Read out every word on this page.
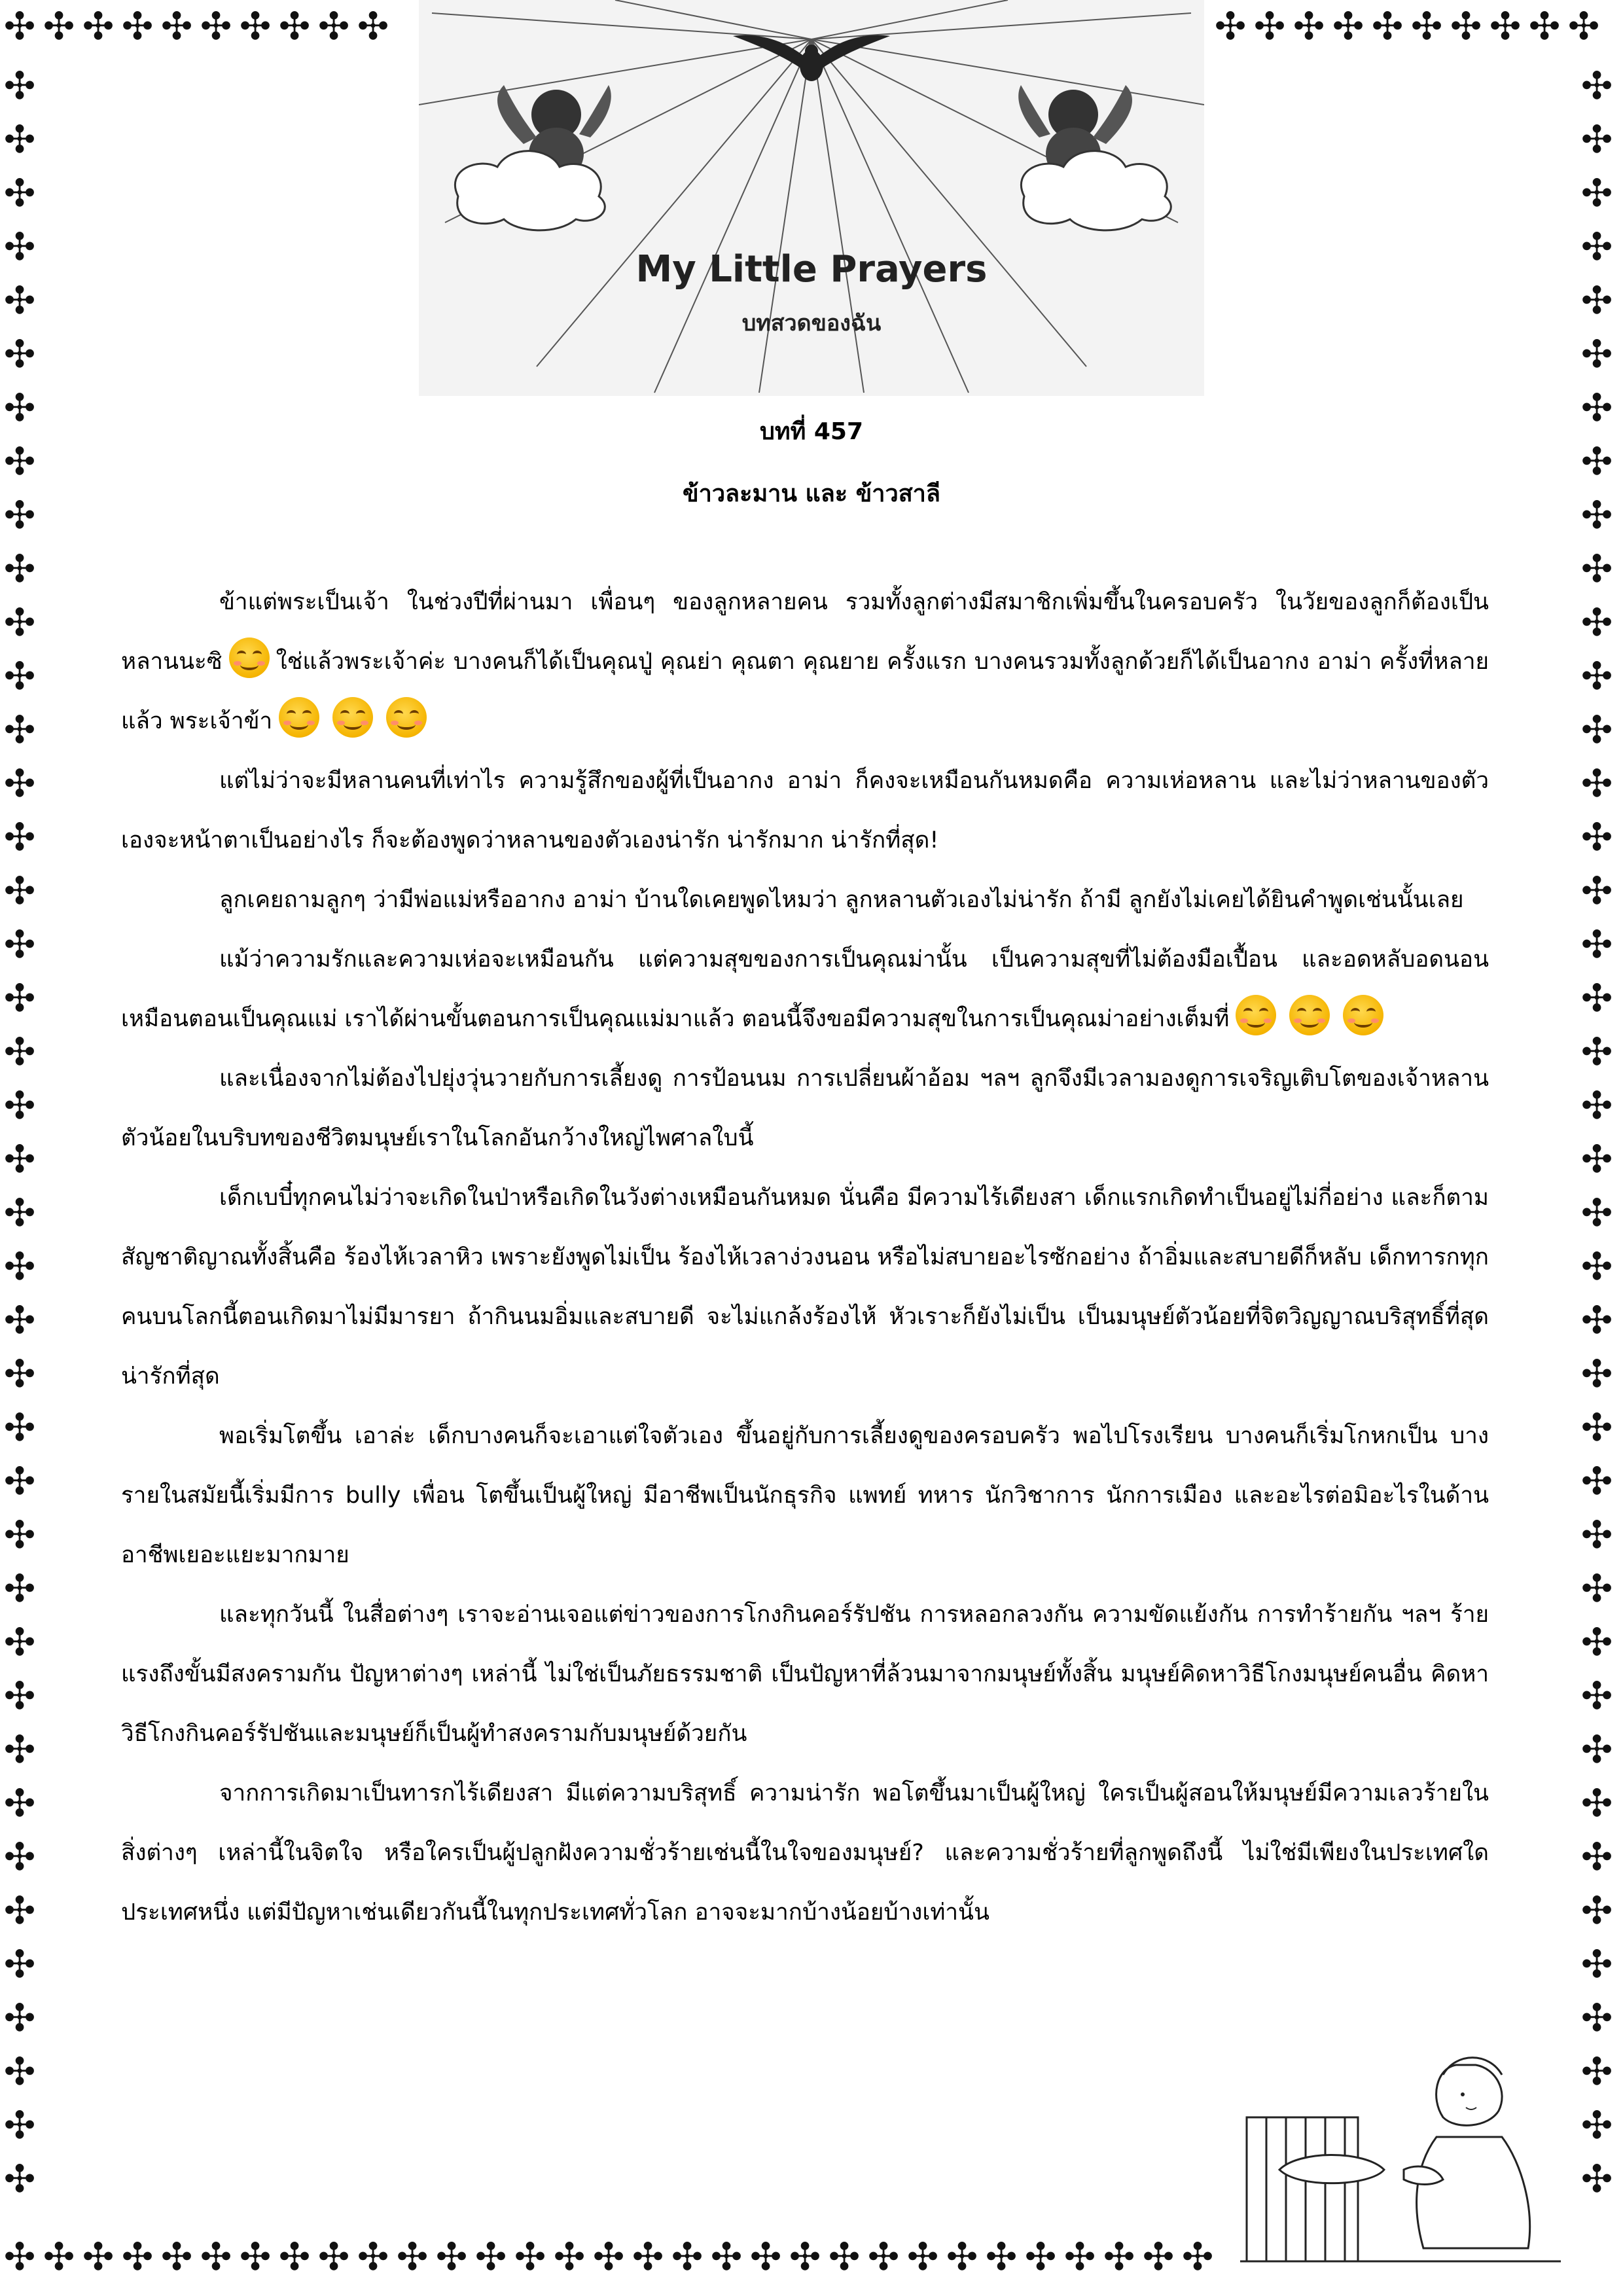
✣ ✣ ✣ ✣ ✣ ✣ ✣ ✣ ✣ ✣	✣ ✣ ✣ ✣ ✣ ✣ ✣ ✣ ✣ ✣
✣ ✣ ✣ ✣ ✣ ✣ ✣ ✣ ✣ ✣ ✣ ✣ ✣ ✣ ✣ ✣ ✣ ✣ ✣ ✣ ✣ ✣ ✣ ✣ ✣ ✣ ✣ ✣ ✣ ✣ ✣
✣
✣
✣
✣
✣
✣
✣
✣
✣
✣
✣
✣
✣
✣
✣
✣
✣
✣
✣
✣
✣
✣
✣
✣
✣
✣
✣
✣
✣
✣
✣
✣
✣
✣
✣
✣
✣
✣
✣
✣
✣
✣
✣
✣
✣
✣
✣
✣
✣
✣
✣
✣
✣
✣
✣
✣
✣
✣
✣
✣
✣
✣
✣
✣
✣
✣
✣
✣
✣
✣
✣
✣
✣
✣
✣
✣
✣
✣
✣
✣
My Little Prayers
บทสวดของฉัน
บทที่ 457
ข้าวละมาน และ ข้าวสาลี

ข้าแต่พระเป็นเจ้า ในช่วงปีที่ผ่านมา เพื่อนๆ ของลูกหลายคน รวมทั้งลูกต่างมีสมาชิกเพิ่มขึ้นในครอบครัว ในวัยของลูกก็ต้องเป็นหลานนะซิ ใช่แล้วพระเจ้าค่ะ บางคนก็ได้เป็นคุณปู่ คุณย่า คุณตา คุณยาย ครั้งแรก บางคนรวมทั้งลูกด้วยก็ได้เป็นอากง อาม่า ครั้งที่หลายแล้ว พระเจ้าข้า

แต่ไม่ว่าจะมีหลานคนที่เท่าไร ความรู้สึกของผู้ที่เป็นอากง อาม่า ก็คงจะเหมือนกันหมดคือ ความเห่อหลาน และไม่ว่าหลานของตัวเองจะหน้าตาเป็นอย่างไร ก็จะต้องพูดว่าหลานของตัวเองน่ารัก น่ารักมาก น่ารักที่สุด!

ลูกเคยถามลูกๆ ว่ามีพ่อแม่หรืออากง อาม่า บ้านใดเคยพูดไหมว่า ลูกหลานตัวเองไม่น่ารัก ถ้ามี ลูกยังไม่เคยได้ยินคำพูดเช่นนั้นเลย

แม้ว่าความรักและความเห่อจะเหมือนกัน แต่ความสุขของการเป็นคุณม่านั้น เป็นความสุขที่ไม่ต้องมือเปื้อน และอดหลับอดนอนเหมือนตอนเป็นคุณแม่ เราได้ผ่านขั้นตอนการเป็นคุณแม่มาแล้ว ตอนนี้จึงขอมีความสุขในการเป็นคุณม่าอย่างเต็มที่

และเนื่องจากไม่ต้องไปยุ่งวุ่นวายกับการเลี้ยงดู การป้อนนม การเปลี่ยนผ้าอ้อม ฯลฯ ลูกจึงมีเวลามองดูการเจริญเติบโตของเจ้าหลานตัวน้อยในบริบทของชีวิตมนุษย์เราในโลกอันกว้างใหญ่ไพศาลใบนี้

เด็กเบบี๋ทุกคนไม่ว่าจะเกิดในป่าหรือเกิดในวังต่างเหมือนกันหมด นั่นคือ มีความไร้เดียงสา เด็กแรกเกิดทำเป็นอยู่ไม่กี่อย่าง และก็ตามสัญชาติญาณทั้งสิ้นคือ ร้องไห้เวลาหิว เพราะยังพูดไม่เป็น ร้องไห้เวลาง่วงนอน หรือไม่สบายอะไรซักอย่าง ถ้าอิ่มและสบายดีก็หลับ เด็กทารกทุกคนบนโลกนี้ตอนเกิดมาไม่มีมารยา ถ้ากินนมอิ่มและสบายดี จะไม่แกล้งร้องไห้ หัวเราะก็ยังไม่เป็น เป็นมนุษย์ตัวน้อยที่จิตวิญญาณบริสุทธิ์ที่สุด น่ารักที่สุด

พอเริ่มโตขึ้น เอาล่ะ เด็กบางคนก็จะเอาแต่ใจตัวเอง ขึ้นอยู่กับการเลี้ยงดูของครอบครัว พอไปโรงเรียน บางคนก็เริ่มโกหกเป็น บางรายในสมัยนี้เริ่มมีการ bully เพื่อน โตขึ้นเป็นผู้ใหญ่ มีอาชีพเป็นนักธุรกิจ แพทย์ ทหาร นักวิชาการ นักการเมือง และอะไรต่อมิอะไรในด้านอาชีพเยอะแยะมากมาย

และทุกวันนี้ ในสื่อต่างๆ เราจะอ่านเจอแต่ข่าวของการโกงกินคอร์รัปชัน การหลอกลวงกัน ความขัดแย้งกัน การทำร้ายกัน ฯลฯ ร้ายแรงถึงขั้นมีสงครามกัน ปัญหาต่างๆ เหล่านี้ ไม่ใช่เป็นภัยธรรมชาติ เป็นปัญหาที่ล้วนมาจากมนุษย์ทั้งสิ้น มนุษย์คิดหาวิธีโกงมนุษย์คนอื่น คิดหาวิธีโกงกินคอร์รัปชันและมนุษย์ก็เป็นผู้ทำสงครามกับมนุษย์ด้วยกัน

จากการเกิดมาเป็นทารกไร้เดียงสา มีแต่ความบริสุทธิ์ ความน่ารัก พอโตขึ้นมาเป็นผู้ใหญ่ ใครเป็นผู้สอนให้มนุษย์มีความเลวร้ายในสิ่งต่างๆ เหล่านี้ในจิตใจ หรือใครเป็นผู้ปลูกฝังความชั่วร้ายเช่นนี้ในใจของมนุษย์? และความชั่วร้ายที่ลูกพูดถึงนี้ ไม่ใช่มีเพียงในประเทศใดประเทศหนึ่ง แต่มีปัญหาเช่นเดียวกันนี้ในทุกประเทศทั่วโลก อาจจะมากบ้างน้อยบ้างเท่านั้น
